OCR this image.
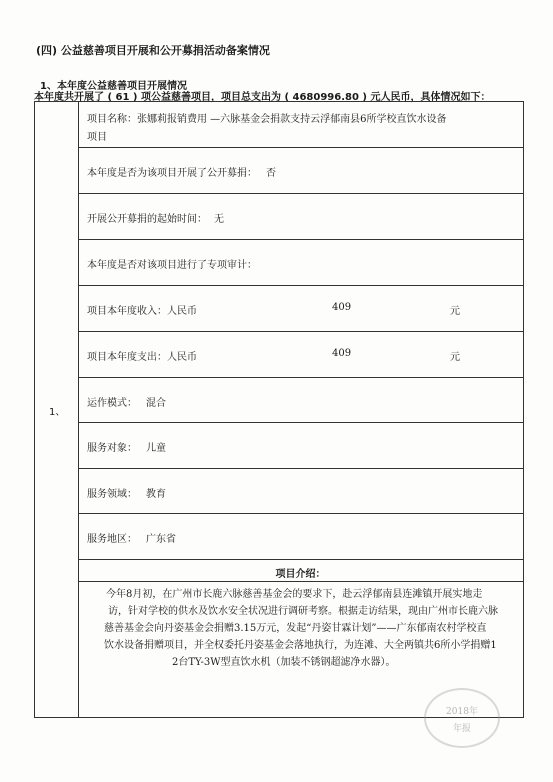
(四) 公益慈善项目开展和公开募捐活动备案情况
1、本年度公益慈善项目开展情况
本年度共开展了 ( 61 ) 项公益慈善项目，项目总支出为 ( 4680996.80 ) 元人民币，具体情况如下：
1、
项目名称： 张娜莉报销费用 —六脉基金会捐款支持云浮郁南县6所学校直饮水设备
项目
本年度是否为该项目开展了公开募捐： 否
开展公开募捐的起始时间： 无
本年度是否对该项目进行了专项审计：
项目本年度收入：人民币	409	元
项目本年度支出：人民币	409	元
运作模式： 混合
服务对象： 儿童
服务领域： 教育
服务地区： 广东省
项目介绍：
今年8月初，在广州市长鹿六脉慈善基金会的要求下，赴云浮郁南县连滩镇开展实地走
访，针对学校的供水及饮水安全状况进行调研考察。根据走访结果，现由广州市长鹿六脉
慈善基金会向丹姿基金会捐赠3.15万元，发起“丹姿甘霖计划”——广东郁南农村学校直
饮水设备捐赠项目，并全权委托丹姿基金会落地执行，为连滩、大全两镇共6所小学捐赠1
2台TY-3W型直饮水机（加装不锈钢超滤净水器）。
2018年
年报
